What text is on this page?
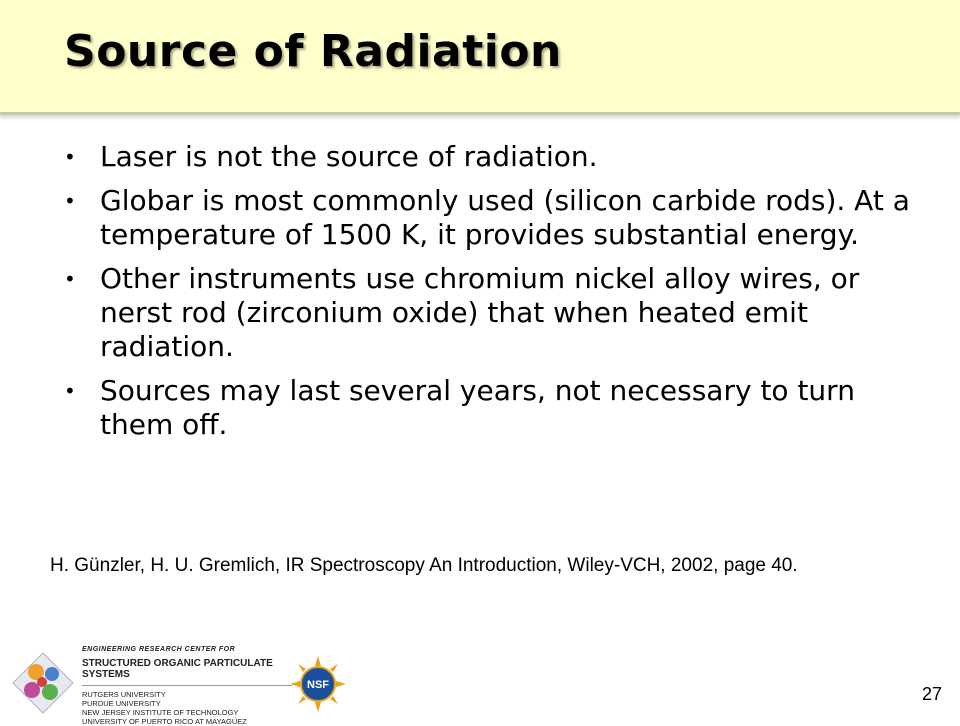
Source of Radiation
• Laser is not the source of radiation.
• Globar is most commonly used (silicon carbide rods). At a temperature of 1500 K, it provides substantial energy.
• Other instruments use chromium nickel alloy wires, or nerst rod (zirconium oxide) that when heated emit radiation.
• Sources may last several years, not necessary to turn them off.

H. Günzler, H. U. Gremlich, IR Spectroscopy An Introduction, Wiley-VCH, 2002, page 40.

ENGINEERING RESEARCH CENTER FOR
STRUCTURED ORGANIC PARTICULATE SYSTEMS
RUTGERS UNIVERSITY
PURDUE UNIVERSITY
NEW JERSEY INSTITUTE OF TECHNOLOGY
UNIVERSITY OF PUERTO RICO AT MAYAGÜEZ
NSF	27
